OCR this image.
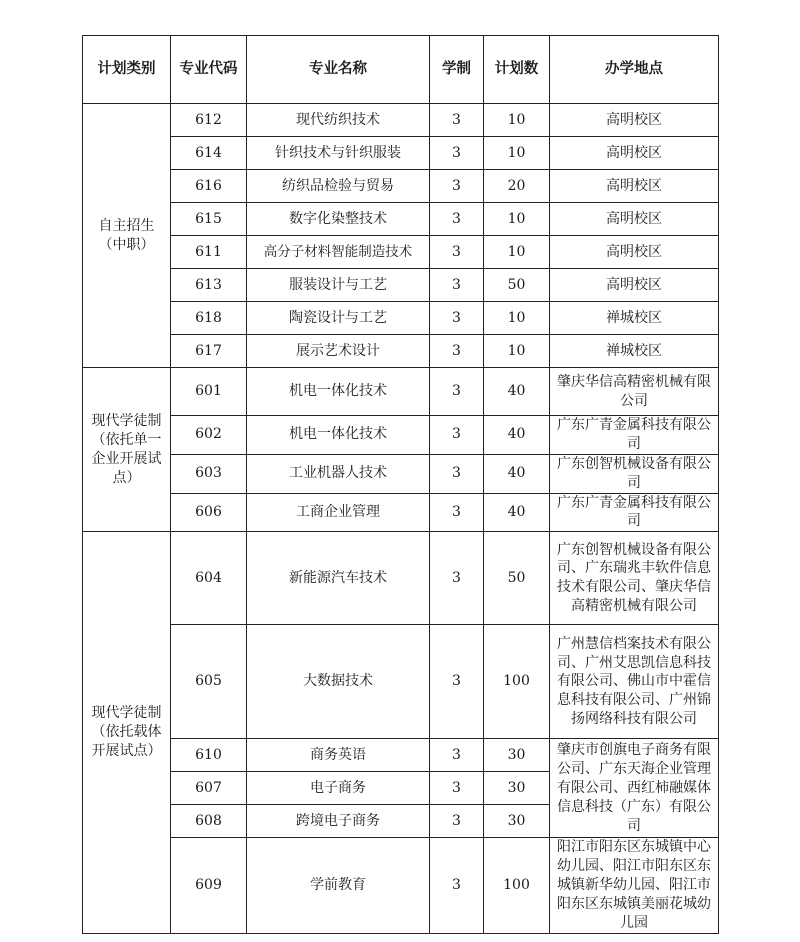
计划类别	专业代码	专业名称	学制	计划数	办学地点
自主招生（中职）	612	现代纺织技术	3	10	高明校区
	614	针织技术与针织服装	3	10	高明校区
	616	纺织品检验与贸易	3	20	高明校区
	615	数字化染整技术	3	10	高明校区
	611	高分子材料智能制造技术	3	10	高明校区
	613	服装设计与工艺	3	50	高明校区
	618	陶瓷设计与工艺	3	10	禅城校区
	617	展示艺术设计	3	10	禅城校区
现代学徒制（依托单一企业开展试点）	601	机电一体化技术	3	40	肇庆华信高精密机械有限公司
	602	机电一体化技术	3	40	广东广青金属科技有限公司
	603	工业机器人技术	3	40	广东创智机械设备有限公司
	606	工商企业管理	3	40	广东广青金属科技有限公司
现代学徒制（依托载体开展试点）	604	新能源汽车技术	3	50	广东创智机械设备有限公司、广东瑞兆丰软件信息技术有限公司、肇庆华信高精密机械有限公司
	605	大数据技术	3	100	广州慧信档案技术有限公司、广州艾思凯信息科技有限公司、佛山市中霍信息科技有限公司、广州锦扬网络科技有限公司
	610	商务英语	3	30	肇庆市创旗电子商务有限公司、广东天海企业管理有限公司、西红柿融媒体信息科技（广东）有限公司
	607	电子商务	3	30	
	608	跨境电子商务	3	30	
	609	学前教育	3	100	阳江市阳东区东城镇中心幼儿园、阳江市阳东区东城镇新华幼儿园、阳江市阳东区东城镇美丽花城幼儿园
